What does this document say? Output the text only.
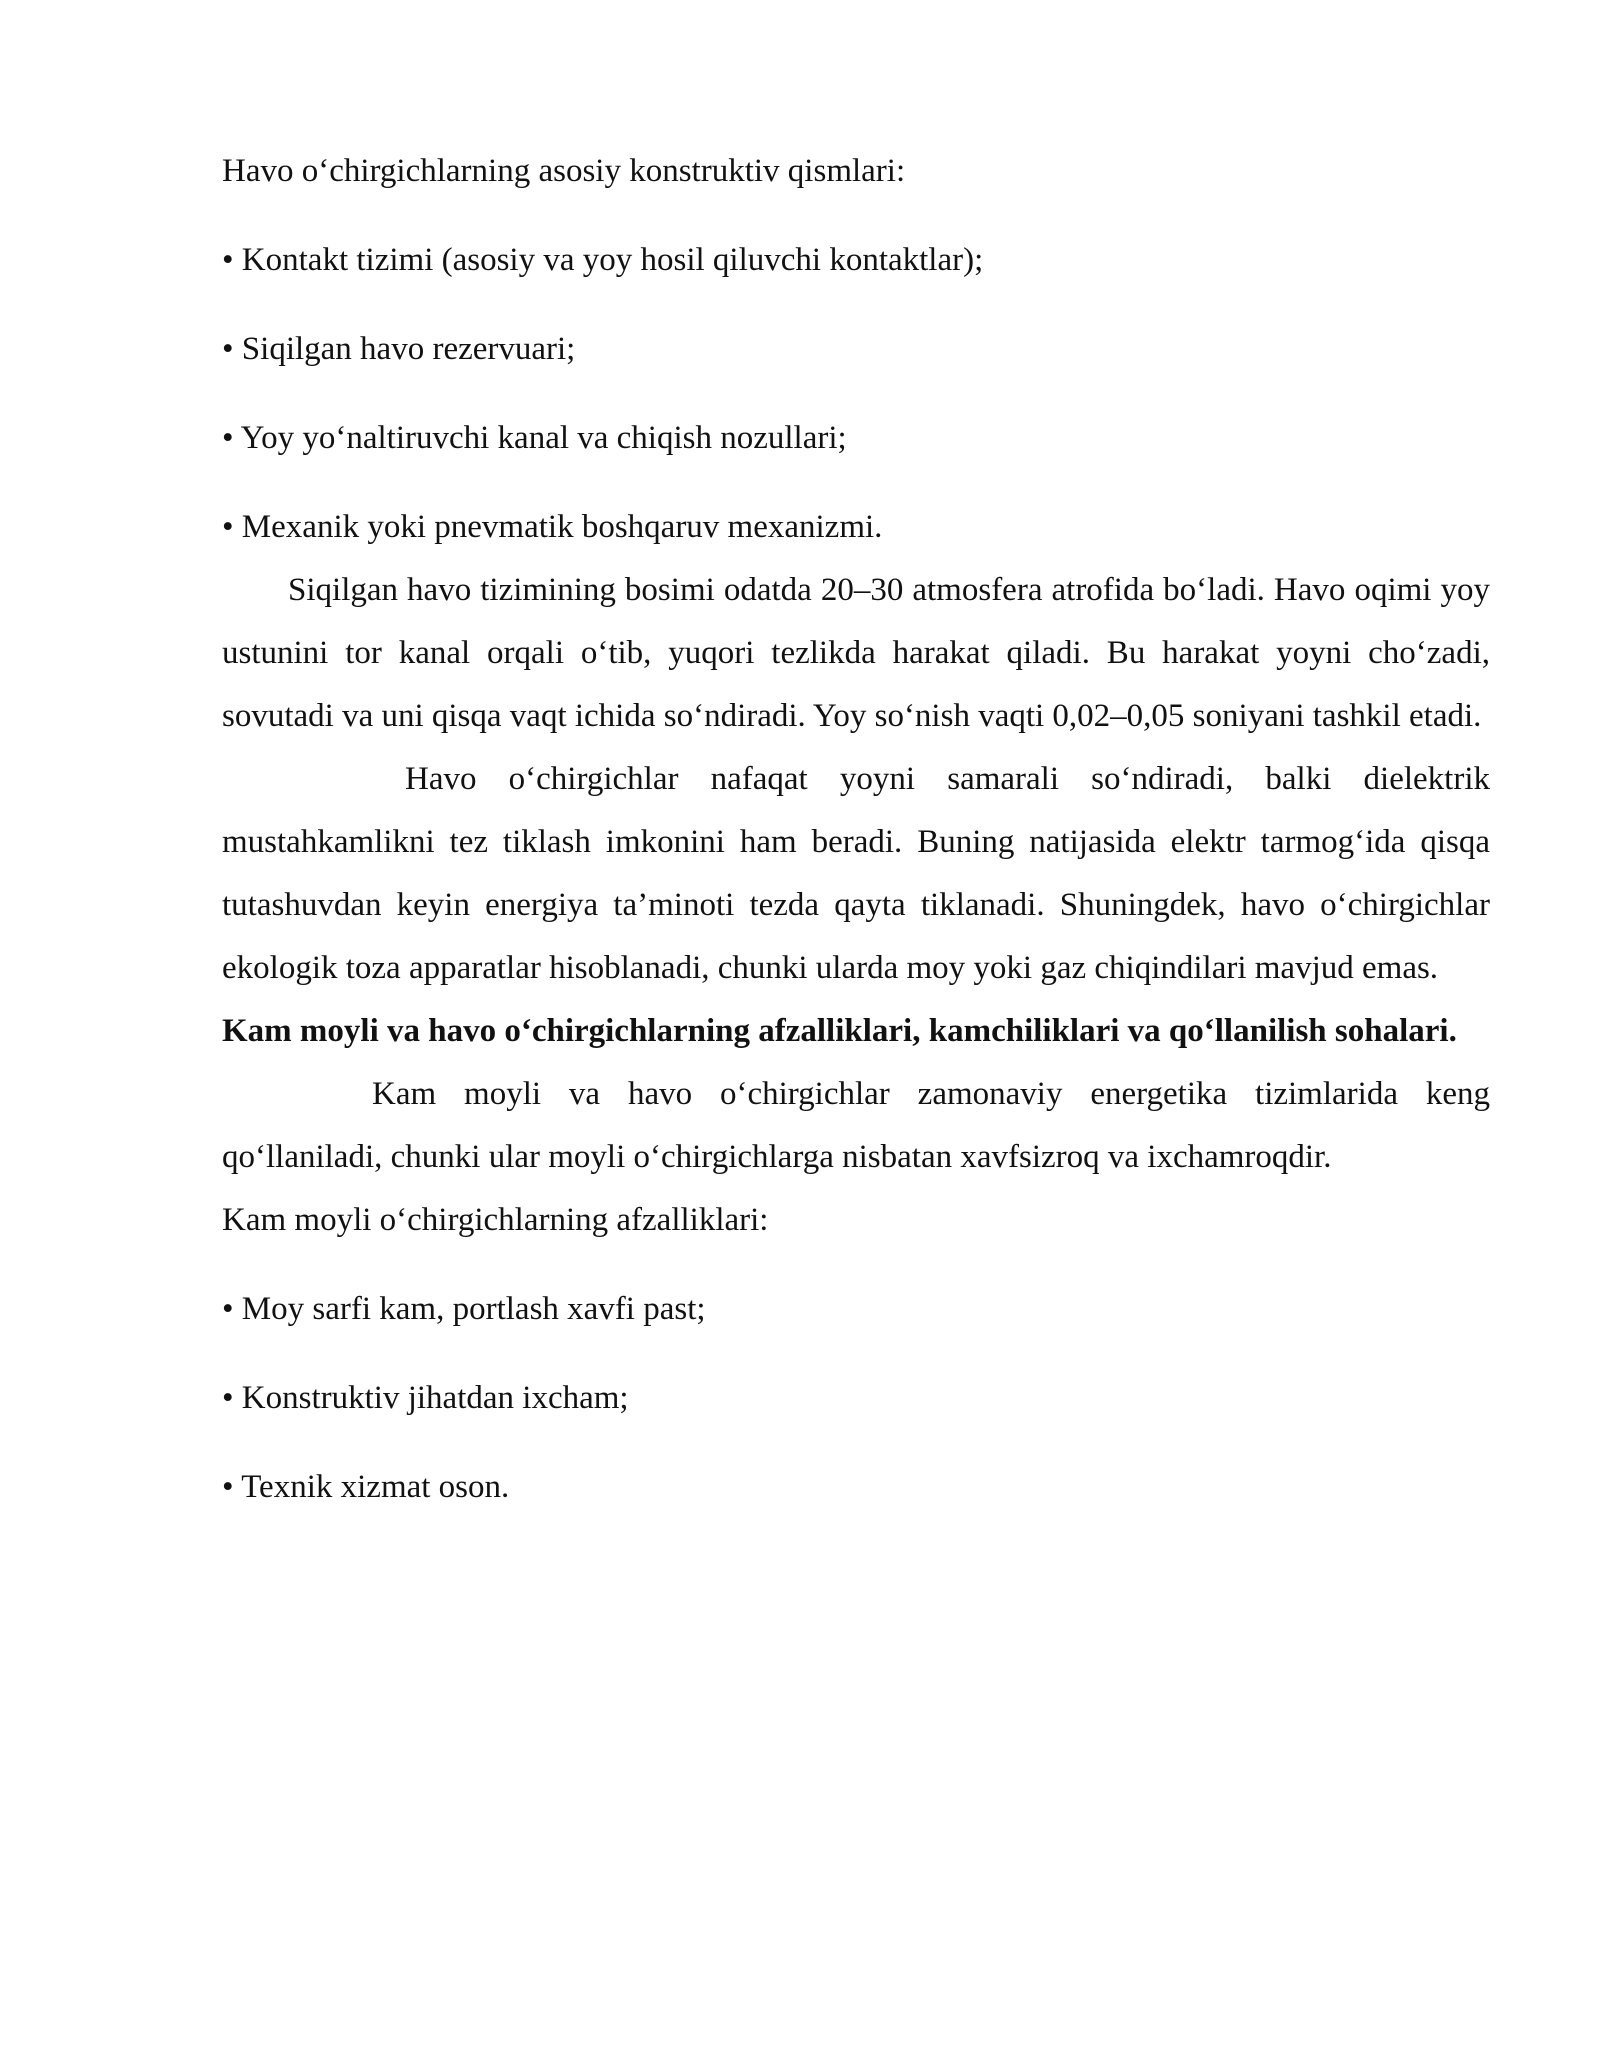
Havo o‘chirgichlarning asosiy konstruktiv qismlari:

• Kontakt tizimi (asosiy va yoy hosil qiluvchi kontaktlar);

• Siqilgan havo rezervuari;

• Yoy yo‘naltiruvchi kanal va chiqish nozullari;

• Mexanik yoki pnevmatik boshqaruv mexanizmi.

Siqilgan havo tizimining bosimi odatda 20–30 atmosfera atrofida bo‘ladi. Havo oqimi yoy ustunini tor kanal orqali o‘tib, yuqori tezlikda harakat qiladi. Bu harakat yoyni cho‘zadi, sovutadi va uni qisqa vaqt ichida so‘ndiradi. Yoy so‘nish vaqti 0,02–0,05 soniyani tashkil etadi.

Havo o‘chirgichlar nafaqat yoyni samarali so‘ndiradi, balki dielektrik mustahkamlikni tez tiklash imkonini ham beradi. Buning natijasida elektr tarmog‘ida qisqa tutashuvdan keyin energiya ta’minoti tezda qayta tiklanadi. Shuningdek, havo o‘chirgichlar ekologik toza apparatlar hisoblanadi, chunki ularda moy yoki gaz chiqindilari mavjud emas.

Kam moyli va havo o‘chirgichlarning afzalliklari, kamchiliklari va qo‘llanilish sohalari.

Kam moyli va havo o‘chirgichlar zamonaviy energetika tizimlarida keng qo‘llaniladi, chunki ular moyli o‘chirgichlarga nisbatan xavfsizroq va ixchamroqdir.

Kam moyli o‘chirgichlarning afzalliklari:

• Moy sarfi kam, portlash xavfi past;

• Konstruktiv jihatdan ixcham;

• Texnik xizmat oson.
